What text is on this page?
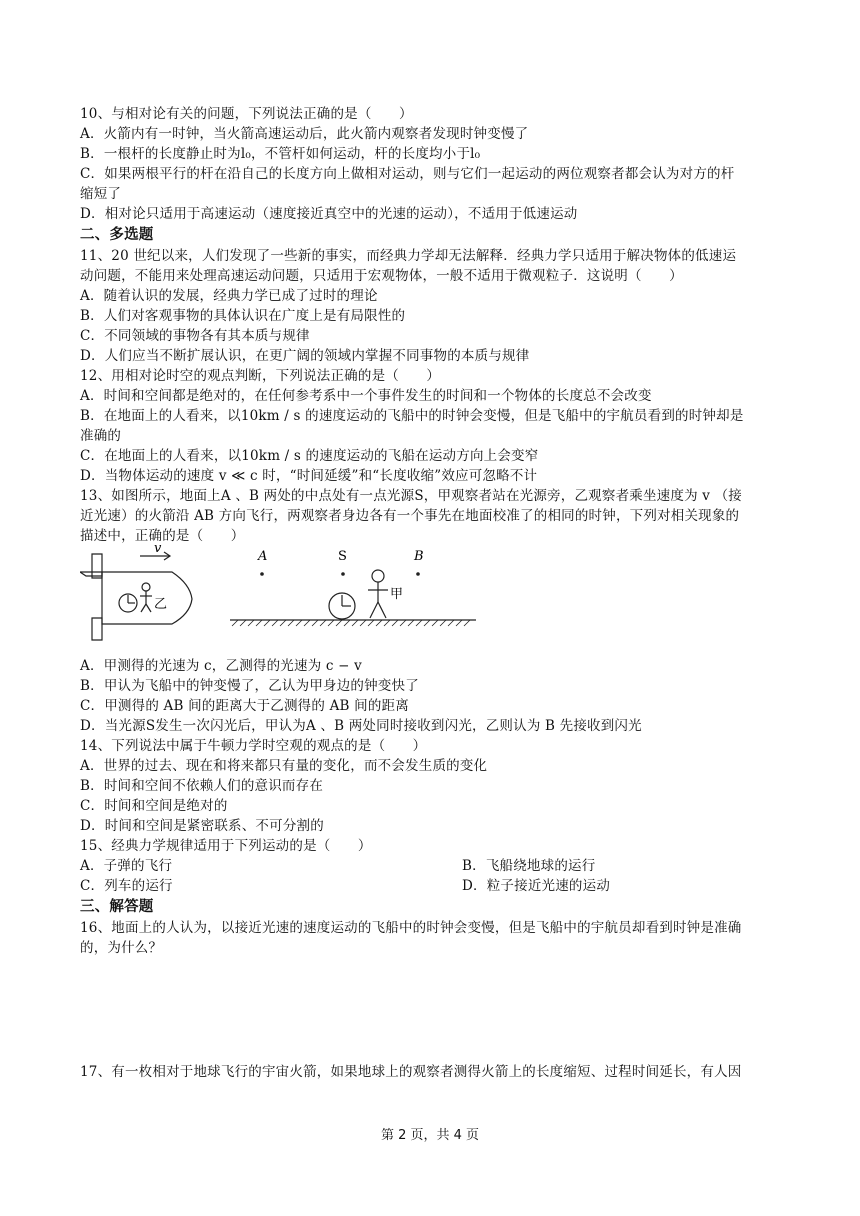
10、与相对论有关的问题，下列说法正确的是（　　）
A．火箭内有一时钟，当火箭高速运动后，此火箭内观察者发现时钟变慢了
B．一根杆的长度静止时为l₀，不管杆如何运动，杆的长度均小于l₀
C．如果两根平行的杆在沿自己的长度方向上做相对运动，则与它们一起运动的两位观察者都会认为对方的杆
缩短了
D．相对论只适用于高速运动（速度接近真空中的光速的运动），不适用于低速运动
二、多选题
11、20 世纪以来，人们发现了一些新的事实，而经典力学却无法解释．经典力学只适用于解决物体的低速运
动问题，不能用来处理高速运动问题，只适用于宏观物体，一般不适用于微观粒子．这说明（　　）
A．随着认识的发展，经典力学已成了过时的理论
B．人们对客观事物的具体认识在广度上是有局限性的
C．不同领域的事物各有其本质与规律
D．人们应当不断扩展认识，在更广阔的领域内掌握不同事物的本质与规律
12、用相对论时空的观点判断，下列说法正确的是（　　）
A．时间和空间都是绝对的，在任何参考系中一个事件发生的时间和一个物体的长度总不会改变
B．在地面上的人看来，以10km / s 的速度运动的飞船中的时钟会变慢，但是飞船中的宇航员看到的时钟却是
准确的
C．在地面上的人看来，以10km / s 的速度运动的飞船在运动方向上会变窄
D．当物体运动的速度 v ≪ c 时，“时间延缓”和“长度收缩”效应可忽略不计
13、如图所示，地面上A 、B 两处的中点处有一点光源S，甲观察者站在光源旁，乙观察者乘坐速度为 v （接
近光速）的火箭沿 AB 方向飞行，两观察者身边各有一个事先在地面校准了的相同的时钟，下列对相关现象的
描述中，正确的是（　　）
v
乙
A	S	B
甲
A．甲测得的光速为 c，乙测得的光速为 c − v
B．甲认为飞船中的钟变慢了，乙认为甲身边的钟变快了
C．甲测得的 AB 间的距离大于乙测得的 AB 间的距离
D．当光源S发生一次闪光后，甲认为A 、B 两处同时接收到闪光，乙则认为 B 先接收到闪光
14、下列说法中属于牛顿力学时空观的观点的是（　　）
A．世界的过去、现在和将来都只有量的变化，而不会发生质的变化
B．时间和空间不依赖人们的意识而存在
C．时间和空间是绝对的
D．时间和空间是紧密联系、不可分割的
15、经典力学规律适用于下列运动的是（　　）
A．子弹的飞行	B．飞船绕地球的运行
C．列车的运行	D．粒子接近光速的运动
三、解答题
16、地面上的人认为，以接近光速的速度运动的飞船中的时钟会变慢，但是飞船中的宇航员却看到时钟是准确
的，为什么？
17、有一枚相对于地球飞行的宇宙火箭，如果地球上的观察者测得火箭上的长度缩短、过程时间延长，有人因
第 2 页，共 4 页
